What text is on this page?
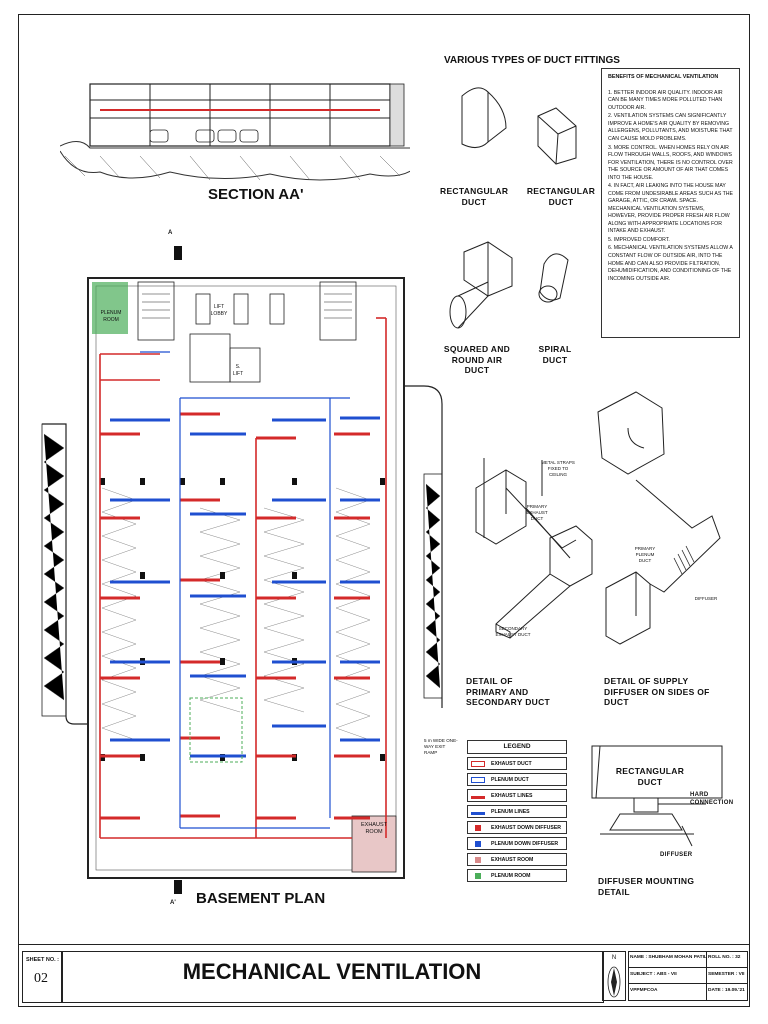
SECTION AA'
A
A'
PLENUM ROOM
EXHAUST ROOM
LIFT LOBBY
S. LIFT
5 m WIDE ONE-WAY EXIT RAMP
BASEMENT PLAN
VARIOUS TYPES OF DUCT FITTINGS
RECTANGULAR DUCT
RECTANGULAR DUCT
SQUARED AND ROUND AIR DUCT
SPIRAL DUCT
BENEFITS OF MECHANICAL VENTILATION

1. BETTER INDOOR AIR QUALITY. INDOOR AIR CAN BE MANY TIMES MORE POLLUTED THAN OUTDOOR AIR.

2. VENTILATION SYSTEMS CAN SIGNIFICANTLY IMPROVE A HOME'S AIR QUALITY BY REMOVING ALLERGENS, POLLUTANTS, AND MOISTURE THAT CAN CAUSE MOLD PROBLEMS.

3. MORE CONTROL. WHEN HOMES RELY ON AIR FLOW THROUGH WALLS, ROOFS, AND WINDOWS FOR VENTILATION, THERE IS NO CONTROL OVER THE SOURCE OR AMOUNT OF AIR THAT COMES INTO THE HOUSE.

4. IN FACT, AIR LEAKING INTO THE HOUSE MAY COME FROM UNDESIRABLE AREAS SUCH AS THE GARAGE, ATTIC, OR CRAWL SPACE. MECHANICAL VENTILATION SYSTEMS, HOWEVER, PROVIDE PROPER FRESH AIR FLOW ALONG WITH APPROPRIATE LOCATIONS FOR INTAKE AND EXHAUST.

5. IMPROVED COMFORT.

6. MECHANICAL VENTILATION SYSTEMS ALLOW A CONSTANT FLOW OF OUTSIDE AIR, INTO THE HOME AND CAN ALSO PROVIDE FILTRATION, DEHUMIDIFICATION, AND CONDITIONING OF THE INCOMING OUTSIDE AIR.

METAL STRAPS FIXED TO CEILING
PRIMARY EXHAUST DUCT
SECONDARY EXHAUST DUCT
PRIMARY PLENUM DUCT
DIFFUSER
DETAIL OF PRIMARY AND SECONDARY DUCT
DETAIL OF SUPPLY DIFFUSER ON SIDES OF DUCT
LEGEND
EXHAUST DUCT
PLENUM DUCT
EXHAUST LINES
PLENUM LINES
EXHAUST DOWN DIFFUSER
PLENUM DOWN DIFFUSER
EXHAUST ROOM
PLENUM ROOM
RECTANGULAR DUCT
HARD CONNECTION
DIFFUSER
DIFFUSER MOUNTING DETAIL
SHEET NO. :
02	MECHANICAL VENTILATION
N	NAME : SHUBHAM MOHAN PATIL ROLL NO. : 32
SUBJECT : ABS - VII	SEMESTER : VII
VPPMPCOA	DATE : 19.09.'21
